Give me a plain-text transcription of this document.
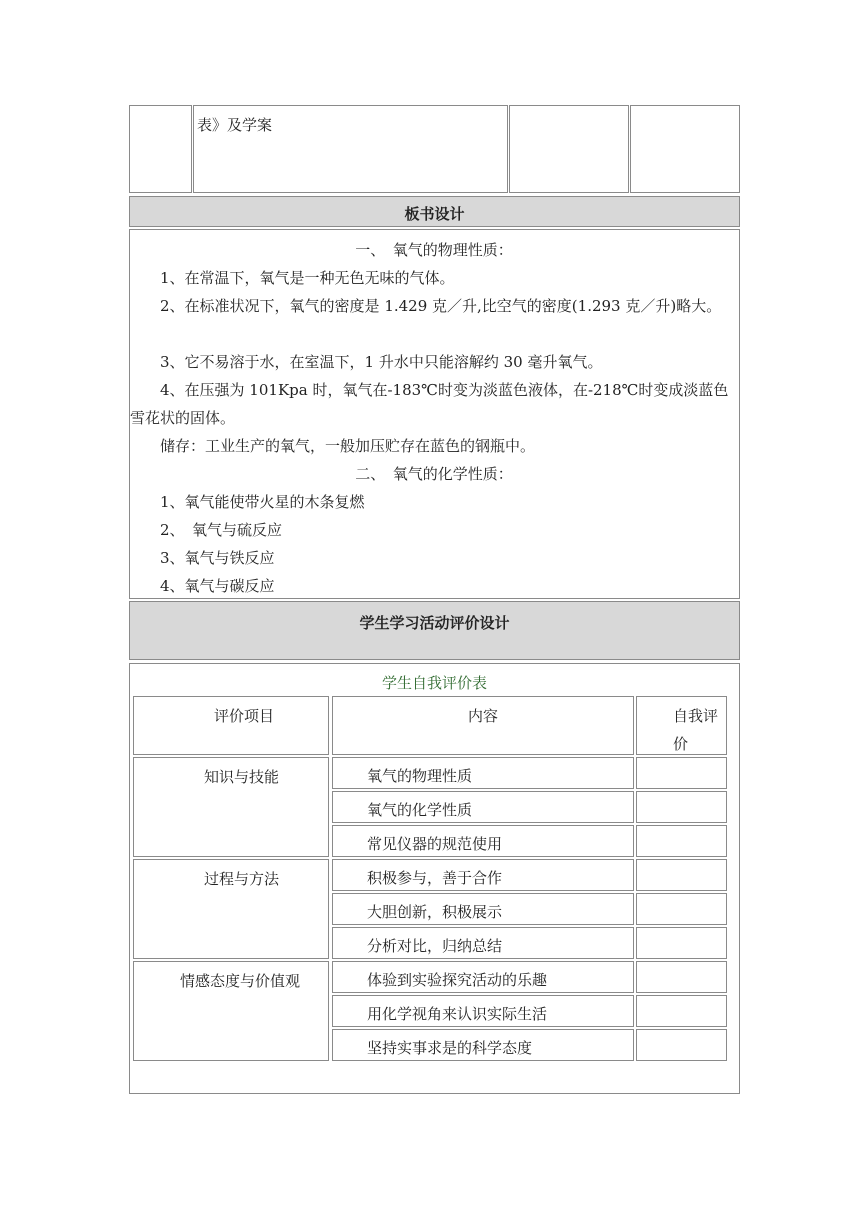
表》及学案
板书设计
一、　氧气的物理性质：
1、在常温下，氧气是一种无色无味的气体。
2、在标准状况下，氧气的密度是 1.429 克／升,比空气的密度(1.293 克／升)略大。
3、它不易溶于水，在室温下，1 升水中只能溶解约 30 毫升氧气。
4、在压强为 101Kpa 时，氧气在-183℃时变为淡蓝色液体，在-218℃时变成淡蓝色雪花状的固体。
储存：工业生产的氧气，一般加压贮存在蓝色的钢瓶中。
二、　氧气的化学性质：
1、氧气能使带火星的木条复燃
2、　氧气与硫反应
3、氧气与铁反应
4、氧气与碳反应
学生学习活动评价设计
学生自我评价表
评价项目	内容	自我评
价
知识与技能	氧气的物理性质
氧气的化学性质
常见仪器的规范使用
过程与方法	积极参与，善于合作
大胆创新，积极展示
分析对比，归纳总结
情感态度与价值观	体验到实验探究活动的乐趣
用化学视角来认识实际生活
坚持实事求是的科学态度
